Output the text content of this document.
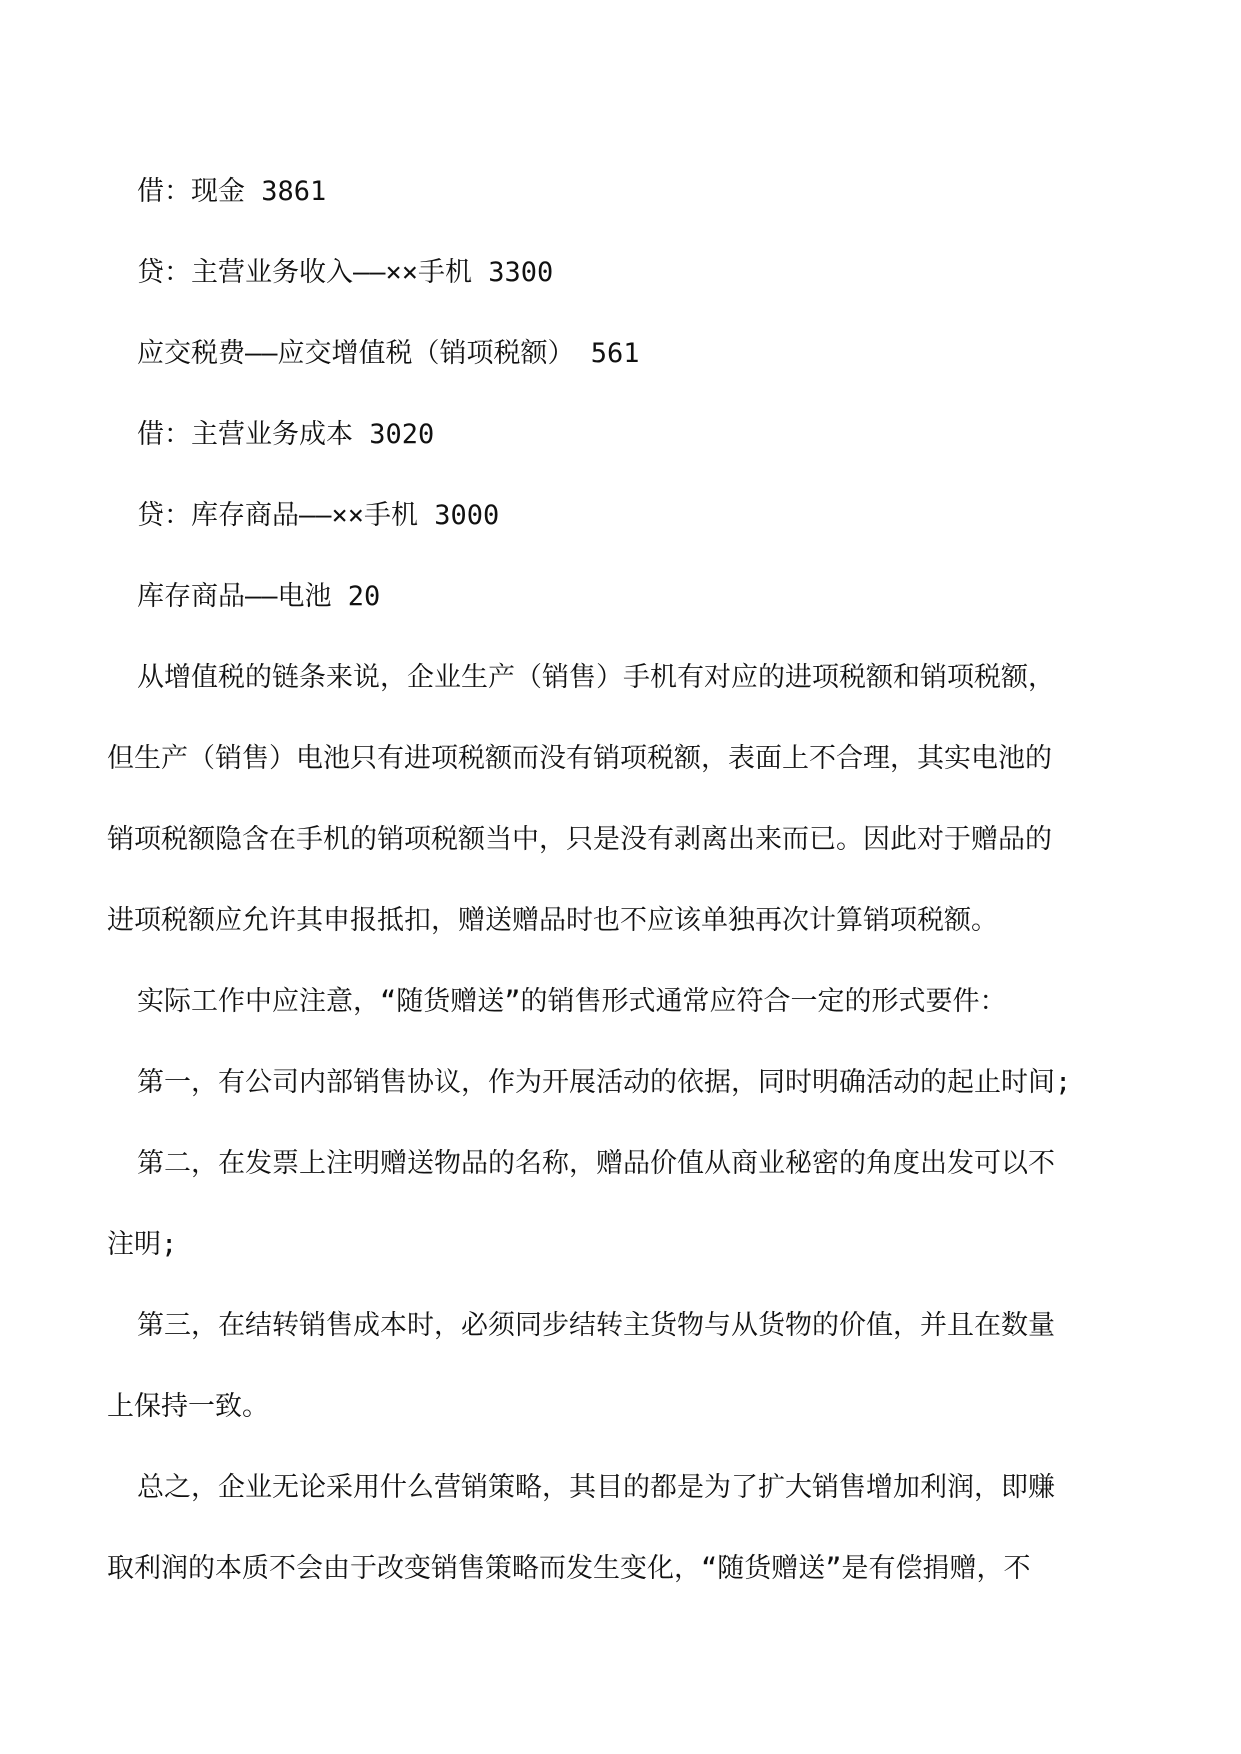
借：现金 3861
贷：主营业务收入——××手机 3300
应交税费——应交增值税（销项税额） 561
借：主营业务成本 3020
贷：库存商品——××手机 3000
库存商品——电池 20
从增值税的链条来说，企业生产（销售）手机有对应的进项税额和销项税额，
但生产（销售）电池只有进项税额而没有销项税额，表面上不合理，其实电池的
销项税额隐含在手机的销项税额当中，只是没有剥离出来而已。因此对于赠品的
进项税额应允许其申报抵扣，赠送赠品时也不应该单独再次计算销项税额。
实际工作中应注意，“随货赠送”的销售形式通常应符合一定的形式要件：
第一，有公司内部销售协议，作为开展活动的依据，同时明确活动的起止时间;
第二，在发票上注明赠送物品的名称，赠品价值从商业秘密的角度出发可以不
注明;
第三，在结转销售成本时，必须同步结转主货物与从货物的价值，并且在数量
上保持一致。
总之，企业无论采用什么营销策略，其目的都是为了扩大销售增加利润，即赚
取利润的本质不会由于改变销售策略而发生变化，“随货赠送”是有偿捐赠，不
